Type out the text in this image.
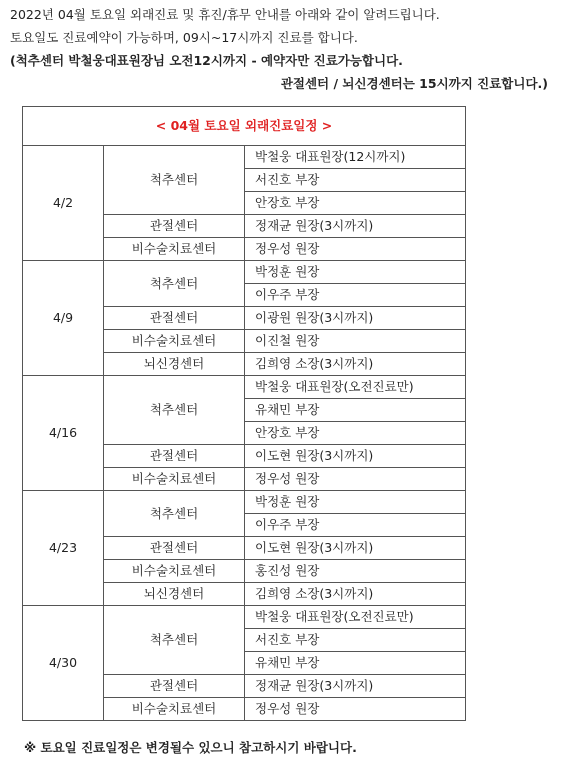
2022년 04월 토요일 외래진료 및 휴진/휴무 안내를 아래와 같이 알려드립니다.
토요일도 진료예약이 가능하며, 09시~17시까지 진료를 합니다.
(척추센터 박철웅대표원장님 오전12시까지 - 예약자만 진료가능합니다.
관절센터 / 뇌신경센터는 15시까지 진료합니다.)
< 04월 토요일 외래진료일정 >		
4/2	척추센터	박철웅 대표원장(12시까지)
		서진호 부장
		안장호 부장
	관절센터	정재균 원장(3시까지)
	비수술치료센터	정우성 원장
4/9	척추센터	박정훈 원장
		이우주 부장
	관절센터	이광원 원장(3시까지)
	비수술치료센터	이진철 원장
	뇌신경센터	김희영 소장(3시까지)
4/16	척추센터	박철웅 대표원장(오전진료만)
		유채민 부장
		안장호 부장
	관절센터	이도현 원장(3시까지)
	비수술치료센터	정우성 원장
4/23	척추센터	박정훈 원장
		이우주 부장
	관절센터	이도현 원장(3시까지)
	비수술치료센터	홍진성 원장
	뇌신경센터	김희영 소장(3시까지)
4/30	척추센터	박철웅 대표원장(오전진료만)
		서진호 부장
		유채민 부장
	관절센터	정재균 원장(3시까지)
	비수술치료센터	정우성 원장
※ 토요일 진료일정은 변경될수 있으니 참고하시기 바랍니다.
